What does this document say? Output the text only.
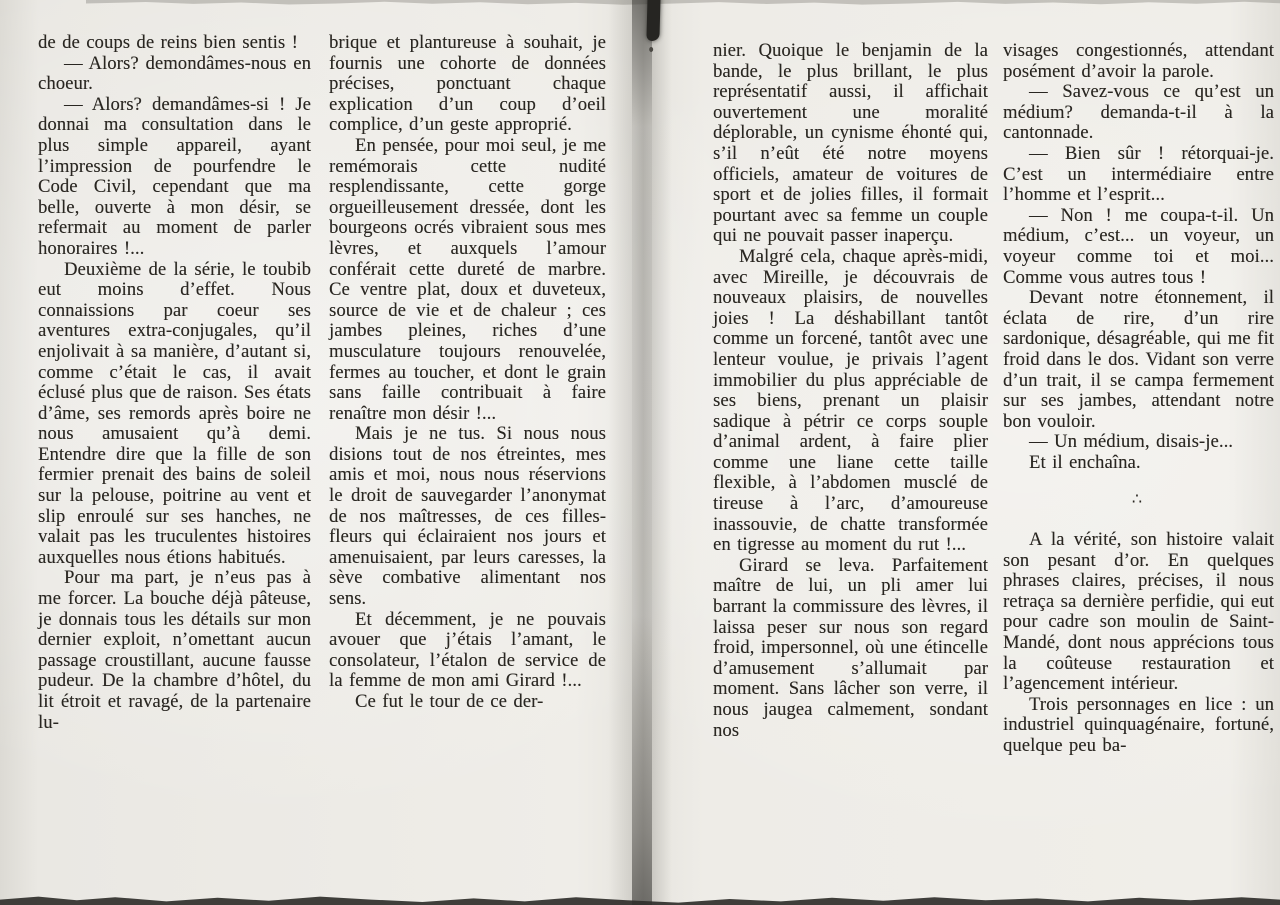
de de coups de reins bien sentis !

— Alors? demondâmes-nous en choeur.

— Alors? demandâmes-si ! Je donnai ma consultation dans le plus simple appareil, ayant l’impression de pourfendre le Code Civil, cependant que ma belle, ouverte à mon désir, se refermait au moment de parler honoraires !...

Deuxième de la série, le toubib eut moins d’effet. Nous connaissions par coeur ses aventures extra-conjugales, qu’il enjolivait à sa manière, d’autant si, comme c’était le cas, il avait éclusé plus que de raison. Ses états d’âme, ses remords après boire ne nous amusaient qu’à demi. Entendre dire que la fille de son fermier prenait des bains de soleil sur la pelouse, poitrine au vent et slip enroulé sur ses hanches, ne valait pas les truculentes histoires auxquelles nous étions habitués.

Pour ma part, je n’eus pas à me forcer. La bouche déjà pâteuse, je donnais tous les détails sur mon dernier exploit, n’omettant aucun passage croustillant, aucune fausse pudeur. De la chambre d’hôtel, du lit étroit et ravagé, de la partenaire lu-

brique et plantureuse à souhait, je fournis une cohorte de données précises, ponctuant chaque explication d’un coup d’oeil complice, d’un geste approprié.

En pensée, pour moi seul, je me remémorais cette nudité resplendissante, cette gorge orgueilleusement dressée, dont les bourgeons ocrés vibraient sous mes lèvres, et auxquels l’amour conférait cette dureté de marbre. Ce ventre plat, doux et duveteux, source de vie et de chaleur ; ces jambes pleines, riches d’une musculature toujours renouvelée, fermes au toucher, et dont le grain sans faille contribuait à faire renaître mon désir !...

Mais je ne tus. Si nous nous disions tout de nos étreintes, mes amis et moi, nous nous réservions le droit de sauvegarder l’anonymat de nos maîtresses, de ces filles-fleurs qui éclairaient nos jours et amenuisaient, par leurs caresses, la sève combative alimentant nos sens.

Et décemment, je ne pouvais avouer que j’étais l’amant, le consolateur, l’étalon de service de la femme de mon ami Girard !...

Ce fut le tour de ce der-

nier. Quoique le benjamin de la bande, le plus brillant, le plus représentatif aussi, il affichait ouvertement une moralité déplorable, un cynisme éhonté qui, s’il n’eût été notre moyens officiels, amateur de voitures de sport et de jolies filles, il formait pourtant avec sa femme un couple qui ne pouvait passer inaperçu.

Malgré cela, chaque après-midi, avec Mireille, je découvrais de nouveaux plaisirs, de nouvelles joies ! La déshabillant tantôt comme un forcené, tantôt avec une lenteur voulue, je privais l’agent immobilier du plus appréciable de ses biens, prenant un plaisir sadique à pétrir ce corps souple d’animal ardent, à faire plier comme une liane cette taille flexible, à l’abdomen musclé de tireuse à l’arc, d’amoureuse inassouvie, de chatte transformée en tigresse au moment du rut !...

Girard se leva. Parfaitement maître de lui, un pli amer lui barrant la commissure des lèvres, il laissa peser sur nous son regard froid, impersonnel, où une étincelle d’amusement s’allumait par moment. Sans lâcher son verre, il nous jaugea calmement, sondant nos

visages congestionnés, attendant posément d’avoir la parole.

— Savez-vous ce qu’est un médium? demanda-t-il à la cantonnade.

— Bien sûr ! rétorquai-je. C’est un intermédiaire entre l’homme et l’esprit...

— Non ! me coupa-t-il. Un médium, c’est... un voyeur, un voyeur comme toi et moi... Comme vous autres tous !

Devant notre étonnement, il éclata de rire, d’un rire sardonique, désagréable, qui me fit froid dans le dos. Vidant son verre d’un trait, il se campa fermement sur ses jambes, attendant notre bon vouloir.

— Un médium, disais-je...

Et il enchaîna.

∴

A la vérité, son histoire valait son pesant d’or. En quelques phrases claires, précises, il nous retraça sa dernière perfidie, qui eut pour cadre son moulin de Saint-Mandé, dont nous apprécions tous la coûteuse restauration et l’agencement intérieur.

Trois personnages en lice : un industriel quinquagénaire, fortuné, quelque peu ba-
